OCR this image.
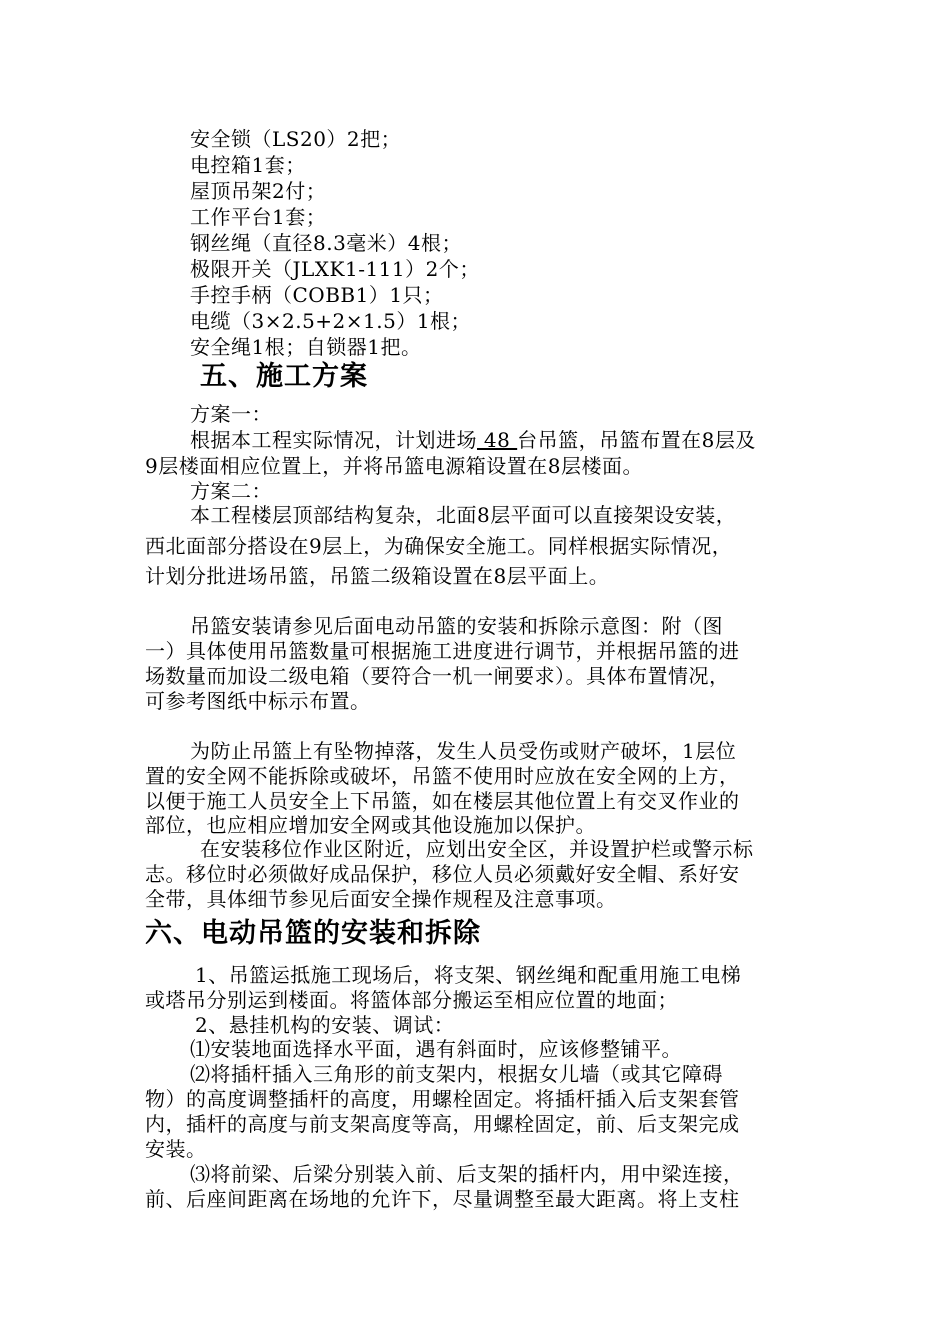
安全锁（LS20）2把；
电控箱1套；
屋顶吊架2付；
工作平台1套；
钢丝绳（直径8.3毫米）4根；
极限开关（JLXK1-111）2个；
手控手柄（COBB1）1只；
电缆（3×2.5+2×1.5）1根；
安全绳1根；自锁器1把。
五、施工方案
方案一：
根据本工程实际情况，计划进场 48 台吊篮，吊篮布置在8层及
9层楼面相应位置上，并将吊篮电源箱设置在8层楼面。
方案二：
本工程楼层顶部结构复杂，北面8层平面可以直接架设安装，
西北面部分搭设在9层上，为确保安全施工。同样根据实际情况，
计划分批进场吊篮，吊篮二级箱设置在8层平面上。
吊篮安装请参见后面电动吊篮的安装和拆除示意图：附（图
一）具体使用吊篮数量可根据施工进度进行调节，并根据吊篮的进
场数量而加设二级电箱（要符合一机一闸要求）。具体布置情况，
可参考图纸中标示布置。
为防止吊篮上有坠物掉落，发生人员受伤或财产破坏，1层位
置的安全网不能拆除或破坏，吊篮不使用时应放在安全网的上方，
以便于施工人员安全上下吊篮，如在楼层其他位置上有交叉作业的
部位，也应相应增加安全网或其他设施加以保护。
在安装移位作业区附近，应划出安全区，并设置护栏或警示标
志。移位时必须做好成品保护，移位人员必须戴好安全帽、系好安
全带，具体细节参见后面安全操作规程及注意事项。
六、电动吊篮的安装和拆除
1、吊篮运抵施工现场后，将支架、钢丝绳和配重用施工电梯
或塔吊分别运到楼面。将篮体部分搬运至相应位置的地面；
2、悬挂机构的安装、调试：
⑴安装地面选择水平面，遇有斜面时，应该修整铺平。
⑵将插杆插入三角形的前支架内，根据女儿墙（或其它障碍
物）的高度调整插杆的高度，用螺栓固定。将插杆插入后支架套管
内，插杆的高度与前支架高度等高，用螺栓固定，前、后支架完成
安装。
⑶将前梁、后梁分别装入前、后支架的插杆内，用中梁连接，
前、后座间距离在场地的允许下，尽量调整至最大距离。将上支柱
